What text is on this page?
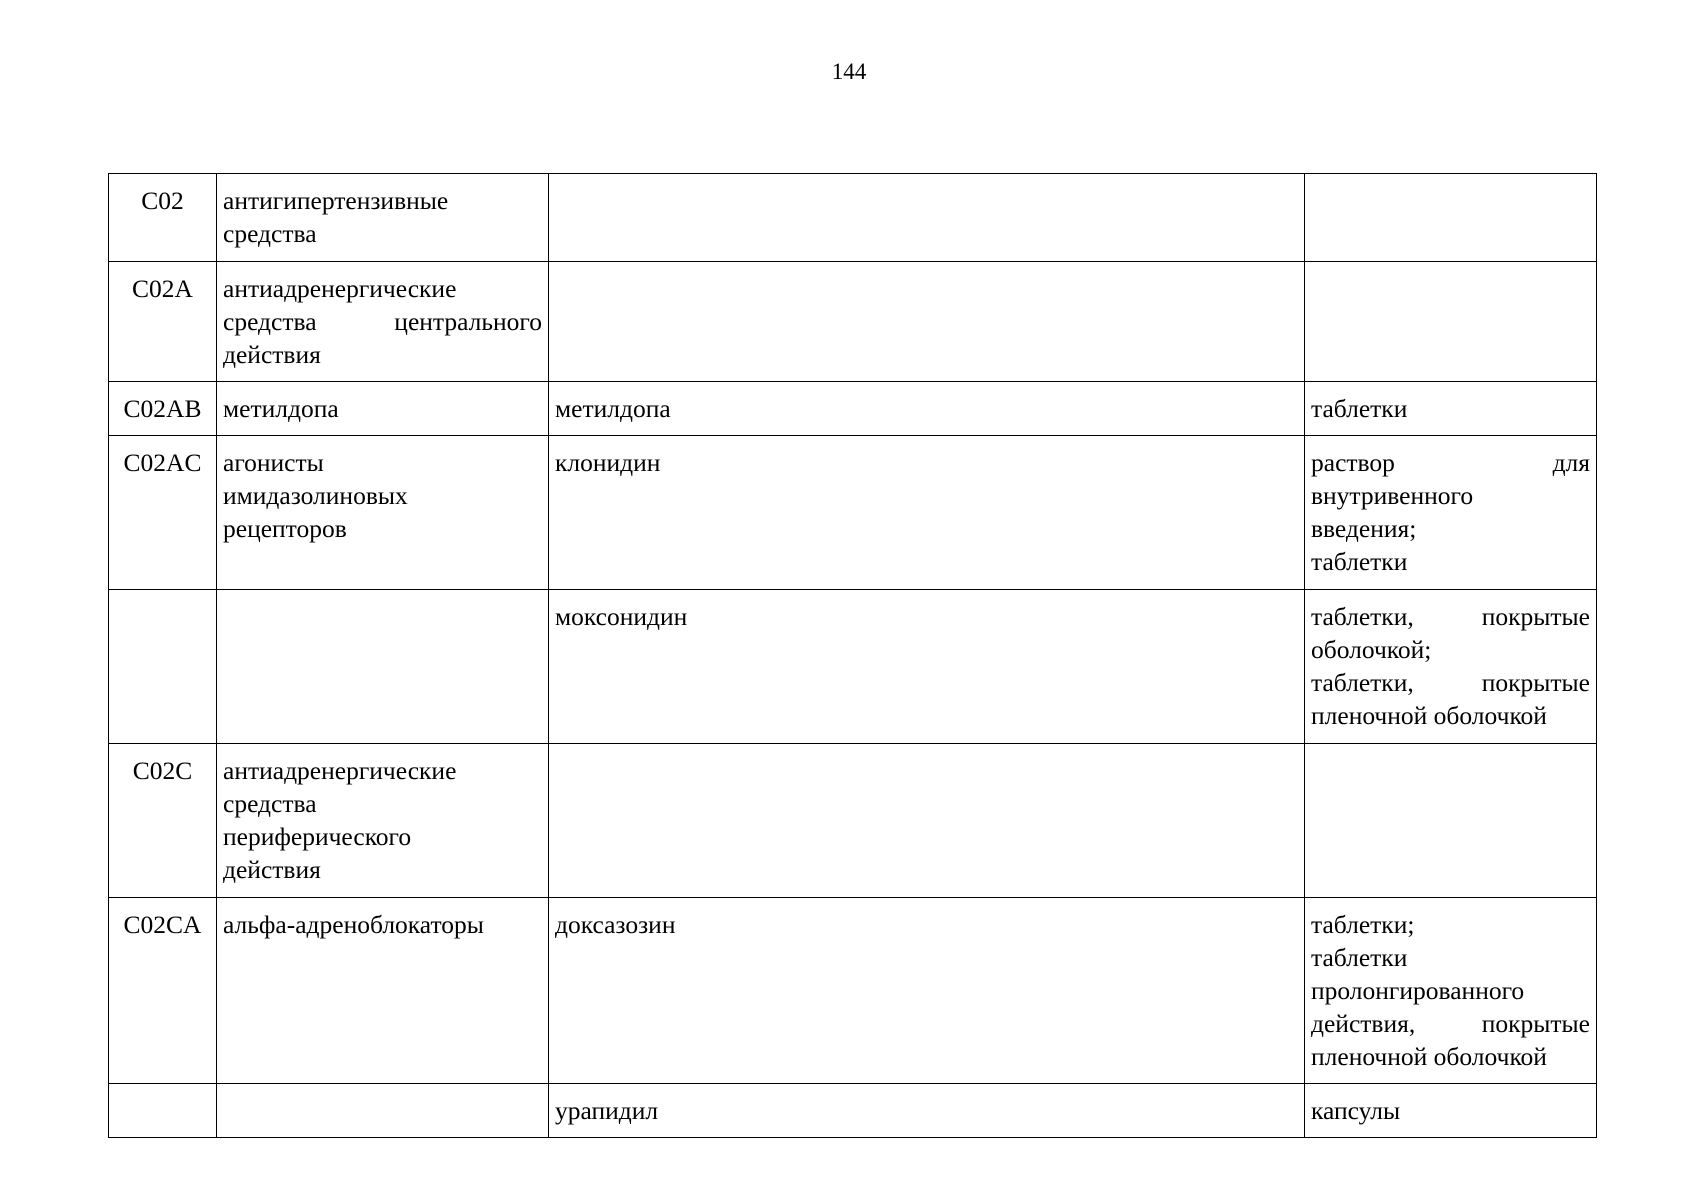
144
C02	антигипертензивные
средства		

C02A	антиадренергические
средства центрального
действия		

C02AB	метилдопа	метилдопа	таблетки

C02AC	агонисты
имидазолиновых
рецепторов	клонидин	раствор для
внутривенного
введения;
таблетки

		моксонидин	таблетки, покрытые
оболочкой;
таблетки, покрытые
пленочной оболочкой

C02C	антиадренергические
средства
периферического
действия		

C02CA	альфа-адреноблокаторы	доксазозин	таблетки;
таблетки
пролонгированного
действия, покрытые
пленочной оболочкой

		урапидил	капсулы
